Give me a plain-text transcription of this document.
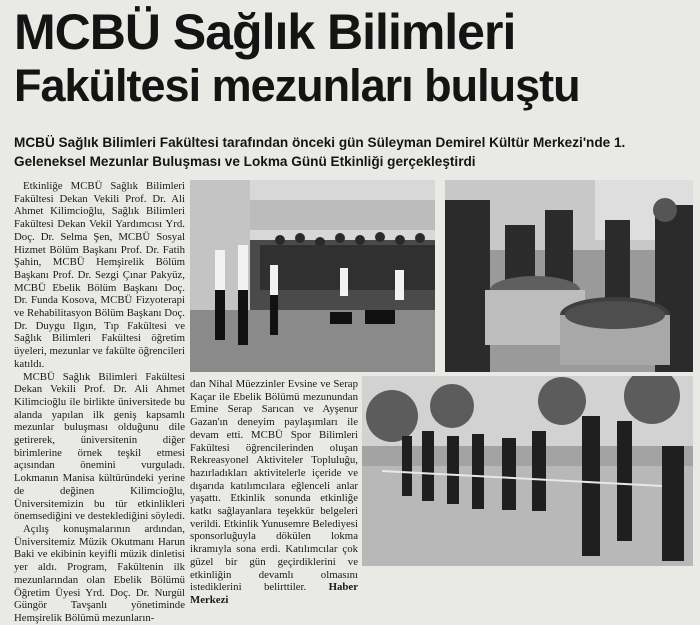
MCBÜ Sağlık Bilimleri
Fakültesi mezunları buluştu
MCBÜ Sağlık Bilimleri Fakültesi tarafından önceki gün Süleyman Demirel Kültür Merkezi'nde 1. Geleneksel Mezunlar Buluşması ve Lokma Günü Etkinliği gerçekleştirdi

Etkinliğe MCBÜ Sağlık Bilimleri Fakültesi Dekan Vekili Prof. Dr. Ali Ahmet Kilimcioğlu, Sağlık Bilimleri Fakültesi Dekan Vekil Yardımcısı Yrd. Doç. Dr. Selma Şen, MCBÜ Sosyal Hizmet Bölüm Başkanı Prof. Dr. Fatih Şahin, MCBÜ Hemşirelik Bölüm Başkanı Prof. Dr. Sezgi Çınar Pakyüz, MCBÜ Ebelik Bölüm Başkanı Doç. Dr. Funda Kosova, MCBÜ Fizyoterapi ve Rehabilitasyon Bölüm Başkanı Doç. Dr. Duygu Ilgın, Tıp Fakültesi ve Sağlık Bilimleri Fakültesi öğretim üyeleri, mezunlar ve fakülte öğrencileri katıldı.

MCBÜ Sağlık Bilimleri Fakültesi Dekan Vekili Prof. Dr. Ali Ahmet Kilimcioğlu ile birlikte üniversitede bu alanda yapılan ilk geniş kapsamlı mezunlar buluşması olduğunu dile getirerek, üniversitenin diğer birimlerine örnek teşkil etmesi açısından önemini vurguladı. Lokmanın Manisa kültüründeki yerine de değinen Kilimcioğlu, Üniversitemizin bu tür etkinlikleri önemsediğini ve desteklediğini söyledi.

Açılış konuşmalarının ardından, Üniversitemiz Müzik Okutmanı Harun Baki ve ekibinin keyifli müzik dinletisi yer aldı. Program, Fakültenin ilk mezunlarından olan Ebelik Bölümü Öğretim Üyesi Yrd. Doç. Dr. Nurgül Güngör Tavşanlı yönetiminde Hemşirelik Bölümü mezunların-

dan Nihal Müezzinler Evsine ve Serap Kaçar ile Ebelik Bölümü mezunundan Emine Serap Sarıcan ve Ayşenur Gazan'ın deneyim paylaşımları ile devam etti. MCBÜ Spor Bilimleri Fakültesi öğrencilerinden oluşan Rekreasyonel Aktiviteler Topluluğu, hazırladıkları aktivitelerle içeride ve dışarıda katılımcılara eğlenceli anlar yaşattı. Etkinlik sonunda etkinliğe katkı sağlayanlara teşekkür belgeleri verildi. Etkinlik Yunusemre Belediyesi sponsorluğuyla dökülen lokma ikramıyla sona erdi. Katılımcılar çok güzel bir gün geçirdiklerini ve etkinliğin devamlı olmasını istediklerini belirttiler. Haber Merkezi
